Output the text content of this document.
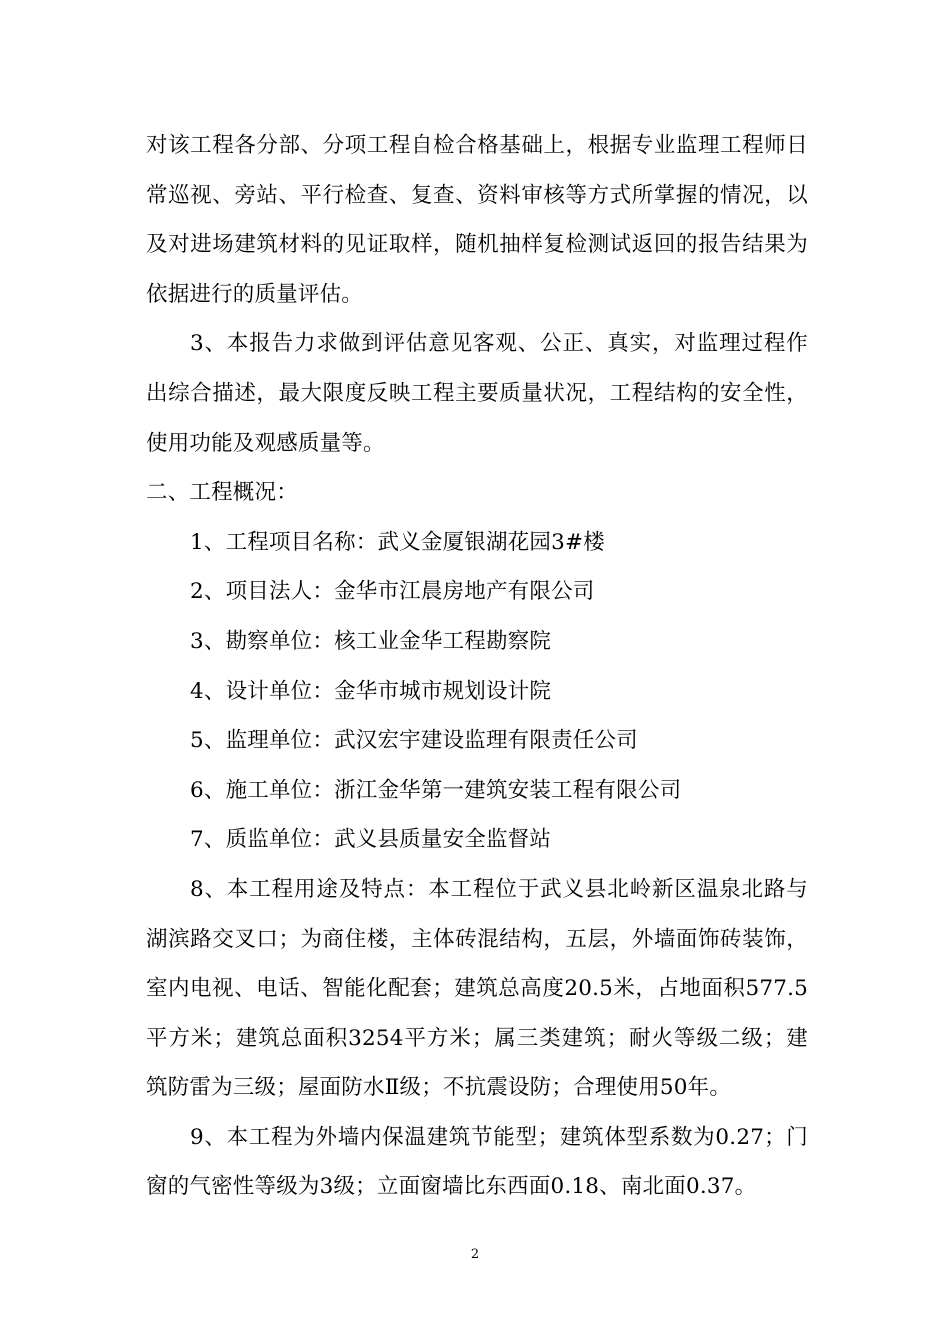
对该工程各分部、分项工程自检合格基础上，根据专业监理工程师日常巡视、旁站、平行检查、复查、资料审核等方式所掌握的情况，以及对进场建筑材料的见证取样，随机抽样复检测试返回的报告结果为依据进行的质量评估。

3、本报告力求做到评估意见客观、公正、真实，对监理过程作出综合描述，最大限度反映工程主要质量状况，工程结构的安全性，使用功能及观感质量等。

二、工程概况：

1、工程项目名称：武义金厦银湖花园3#楼

2、项目法人：金华市江晨房地产有限公司

3、勘察单位：核工业金华工程勘察院

4、设计单位：金华市城市规划设计院

5、监理单位：武汉宏宇建设监理有限责任公司

6、施工单位：浙江金华第一建筑安装工程有限公司

7、质监单位：武义县质量安全监督站

8、本工程用途及特点：本工程位于武义县北岭新区温泉北路与湖滨路交叉口；为商住楼，主体砖混结构，五层，外墙面饰砖装饰，室内电视、电话、智能化配套；建筑总高度20.5米，占地面积577.5平方米；建筑总面积3254平方米；属三类建筑；耐火等级二级；建筑防雷为三级；屋面防水Ⅱ级；不抗震设防；合理使用50年。

9、本工程为外墙内保温建筑节能型；建筑体型系数为0.27；门窗的气密性等级为3级；立面窗墙比东西面0.18、南北面0.37。

2
